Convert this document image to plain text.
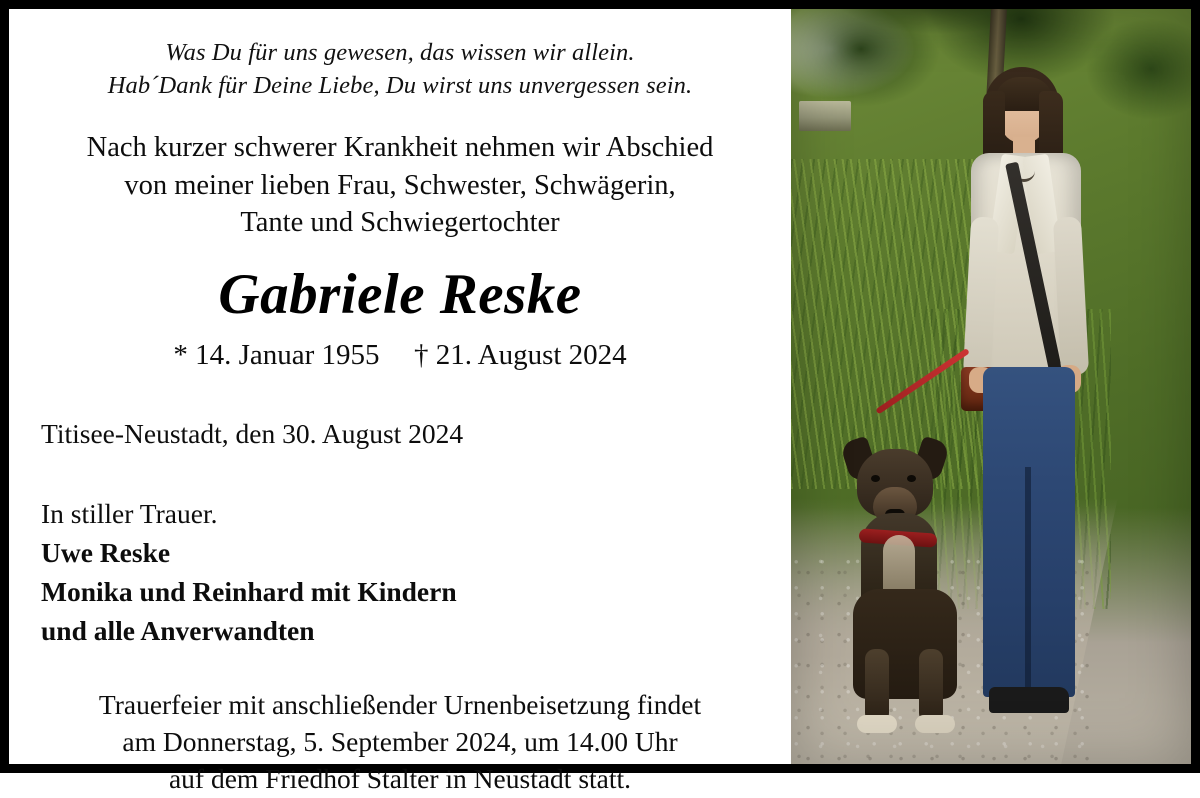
Was Du für uns gewesen, das wissen wir allein.
Hab´Dank für Deine Liebe, Du wirst uns unvergessen sein.
Nach kurzer schwerer Krankheit nehmen wir Abschied
von meiner lieben Frau, Schwester, Schwägerin,
Tante und Schwiegertochter
Gabriele Reske
* 14. Januar 1955 † 21. August 2024
Titisee-Neustadt, den 30. August 2024
In stiller Trauer.
Uwe Reske
Monika und Reinhard mit Kindern
und alle Anverwandten
Trauerfeier mit anschließender Urnenbeisetzung findet
am Donnerstag, 5. September 2024, um 14.00 Uhr
auf dem Friedhof Stalter in Neustadt statt.
